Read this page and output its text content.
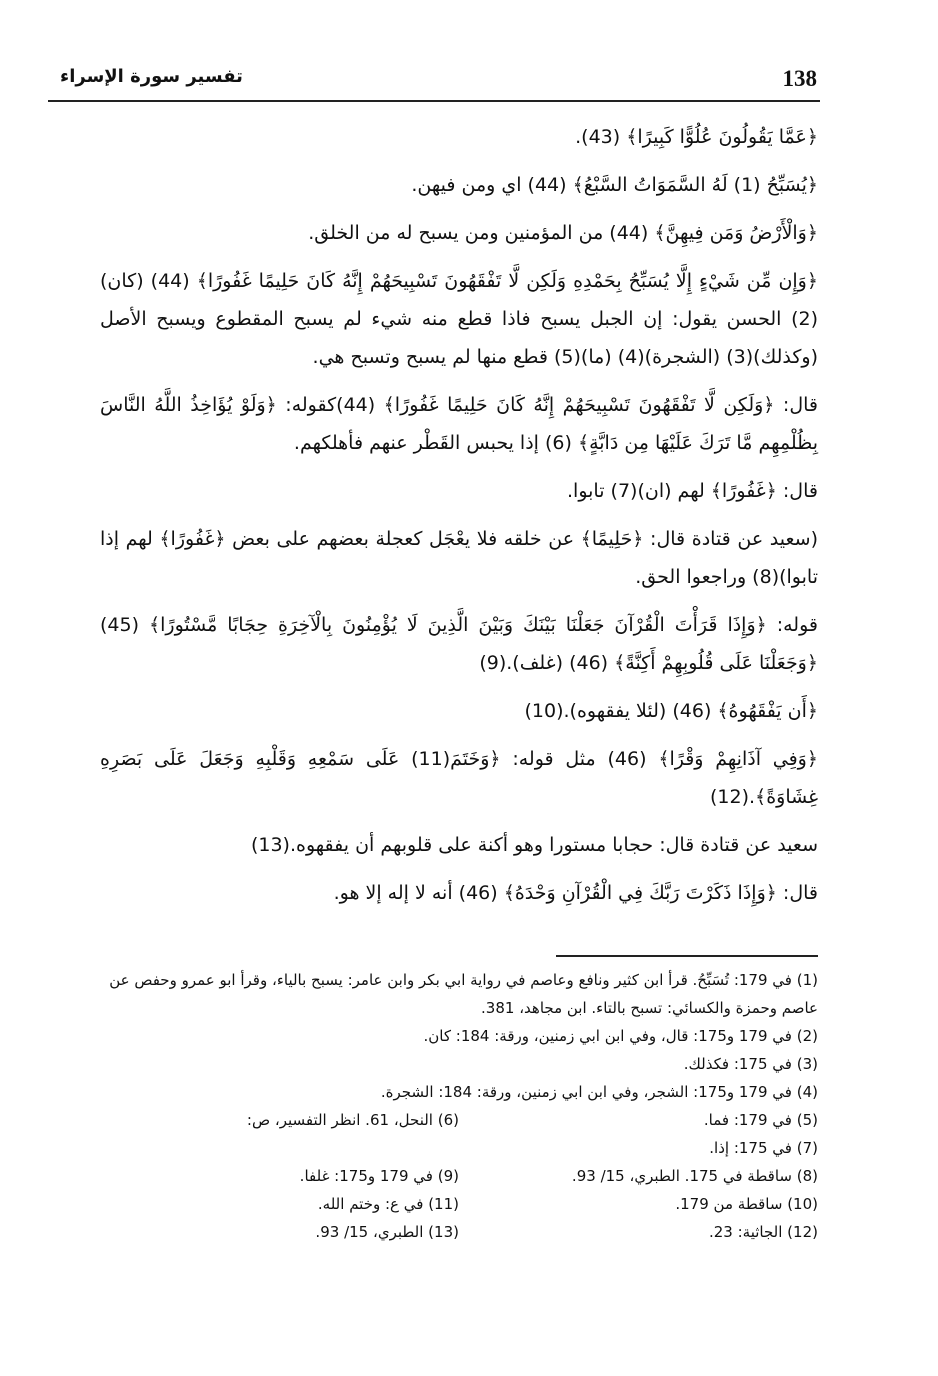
138
تفسير سورة الإسراء

﴿عَمَّا يَقُولُونَ عُلُوًّا كَبِيرًا﴾ (43).

﴿يُسَبِّحُ (1) لَهُ السَّمَوَاتُ السَّبْعُ﴾ (44) اي ومن فيهن.

﴿وَالْأَرْضُ وَمَن فِيهِنَّ﴾ (44) من المؤمنين ومن يسبح له من الخلق.

﴿وَإِن مِّن شَيْءٍ إِلَّا يُسَبِّحُ بِحَمْدِهِ وَلَكِن لَّا تَفْقَهُونَ تَسْبِيحَهُمْ إِنَّهُ كَانَ حَلِيمًا غَفُورًا﴾ (44) (كان)(2) الحسن يقول: إن الجبل يسبح فاذا قطع منه شيء لم يسبح المقطوع ويسبح الأصل (وكذلك)(3) (الشجرة)(4) (ما)(5) قطع منها لم يسبح وتسبح هي.

قال: ﴿وَلَكِن لَّا تَفْقَهُونَ تَسْبِيحَهُمْ إِنَّهُ كَانَ حَلِيمًا غَفُورًا﴾ (44)كقوله: ﴿وَلَوْ يُؤَاخِذُ اللَّهُ النَّاسَ بِظُلْمِهِم مَّا تَرَكَ عَلَيْهَا مِن دَابَّةٍ﴾ (6) إذا يحبس القَطْر عنهم فأهلكهم.

قال: ﴿غَفُورًا﴾ لهم (ان)(7) تابوا.

(سعيد عن قتادة قال: ﴿حَلِيمًا﴾ عن خلقه فلا يعْجَل كعجلة بعضهم على بعض ﴿غَفُورًا﴾ لهم إذا تابوا)(8) وراجعوا الحق.

قوله: ﴿وَإِذَا قَرَأْتَ الْقُرْآنَ جَعَلْنَا بَيْنَكَ وَبَيْنَ الَّذِينَ لَا يُؤْمِنُونَ بِالْآخِرَةِ حِجَابًا مَّسْتُورًا﴾ (45) ﴿وَجَعَلْنَا عَلَى قُلُوبِهِمْ أَكِنَّةً﴾ (46) (غلف).(9)

﴿أَن يَفْقَهُوهُ﴾ (46) (لئلا يفقهوه).(10)

﴿وَفِي آذَانِهِمْ وَقْرًا﴾ (46) مثل قوله: ﴿وَخَتَمَ(11) عَلَى سَمْعِهِ وَقَلْبِهِ وَجَعَلَ عَلَى بَصَرِهِ غِشَاوَةً﴾.(12)

سعيد عن قتادة قال: حجابا مستورا وهو أكنة على قلوبهم أن يفقهوه.(13)

قال: ﴿وَإِذَا ذَكَرْتَ رَبَّكَ فِي الْقُرْآنِ وَحْدَهُ﴾ (46) أنه لا إله إلا هو.

(1) في 179: تُسَبِّحُ. قرأ ابن كثير ونافع وعاصم في رواية ابي بكر وابن عامر: يسبح بالياء، وقرأ ابو عمرو وحفص عن عاصم وحمزة والكسائي: تسبح بالتاء. ابن مجاهد، 381.

(2) في 179 و175: قال، وفي ابن ابي زمنين، ورقة: 184: كان.

(3) في 175: فكذلك.

(4) في 179 و175: الشجر، وفي ابن ابي زمنين، ورقة: 184: الشجرة.

(5) في 179: فما.

(6) النحل، 61. انظر التفسير، ص:

(7) في 175: إذا.

(8) ساقطة في 175. الطبري، 15/ 93.

(9) في 179 و175: غلفا.

(10) ساقطة من 179.

(11) في ع: وختم الله.

(12) الجاثية: 23.

(13) الطبري، 15/ 93.
